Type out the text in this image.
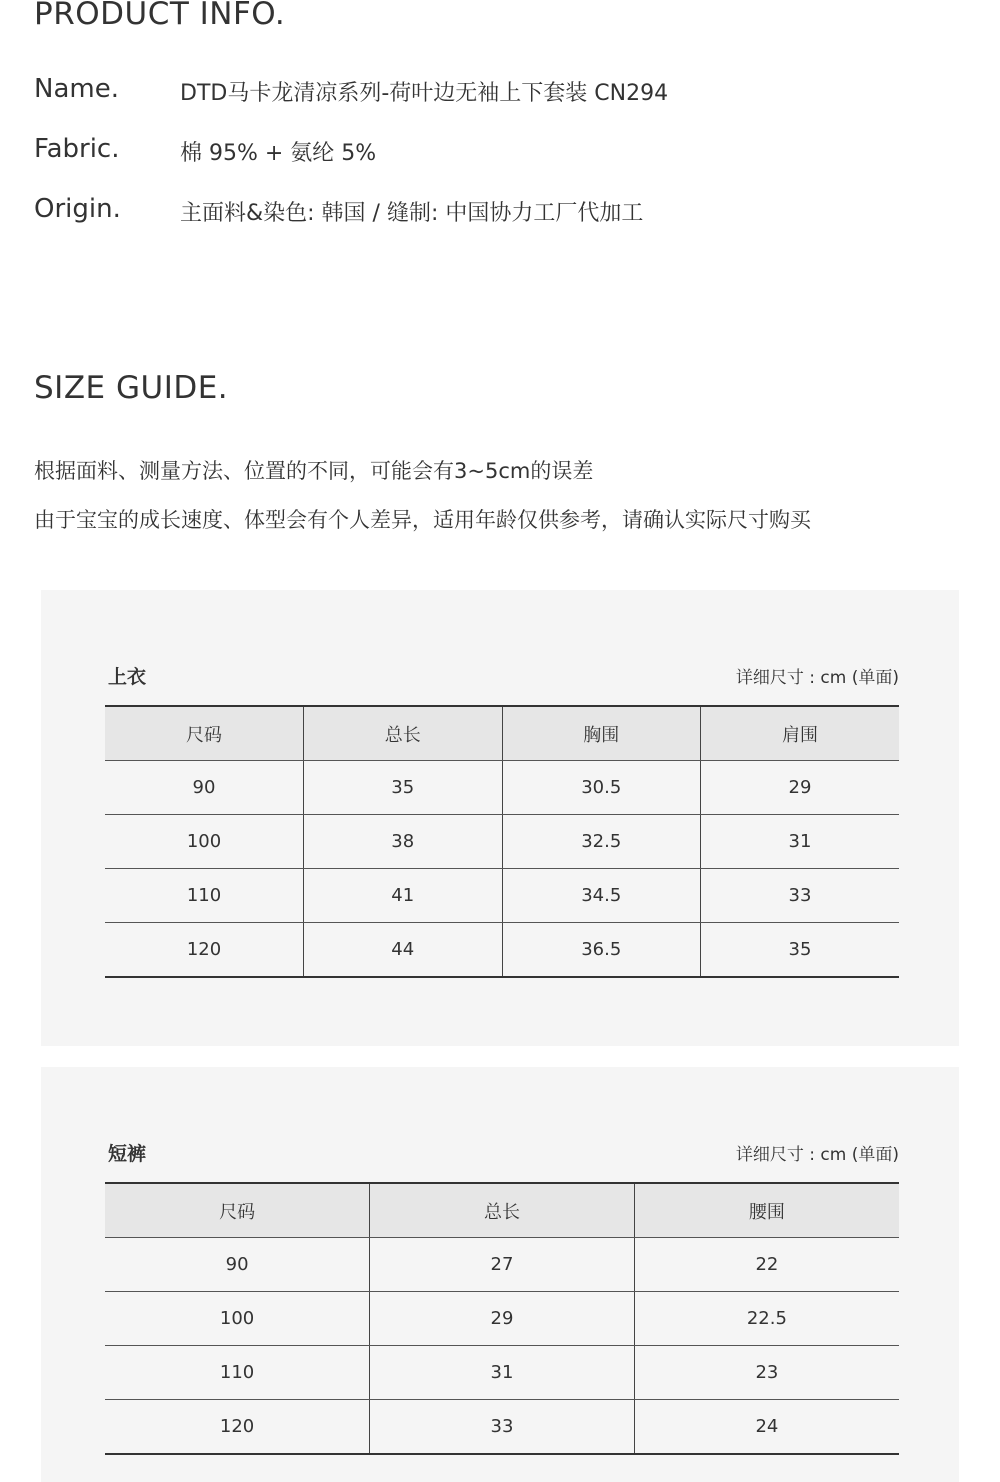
PRODUCT INFO.
Name.	DTD马卡龙清凉系列-荷叶边无袖上下套装 CN294
Fabric.	棉 95% + 氨纶 5%
Origin.	主面料&染色: 韩国 / 缝制: 中国协力工厂代加工
SIZE GUIDE.
根据面料、测量方法、位置的不同，可能会有3~5cm的误差
由于宝宝的成长速度、体型会有个人差异，适用年龄仅供参考，请确认实际尺寸购买
上衣	详细尺寸 : cm (单面)
尺码	总长	胸围	肩围
90	35	30.5	29
100	38	32.5	31
110	41	34.5	33
120	44	36.5	35
短裤	详细尺寸 : cm (单面)
尺码	总长	腰围
90	27	22
100	29	22.5
110	31	23
120	33	24
